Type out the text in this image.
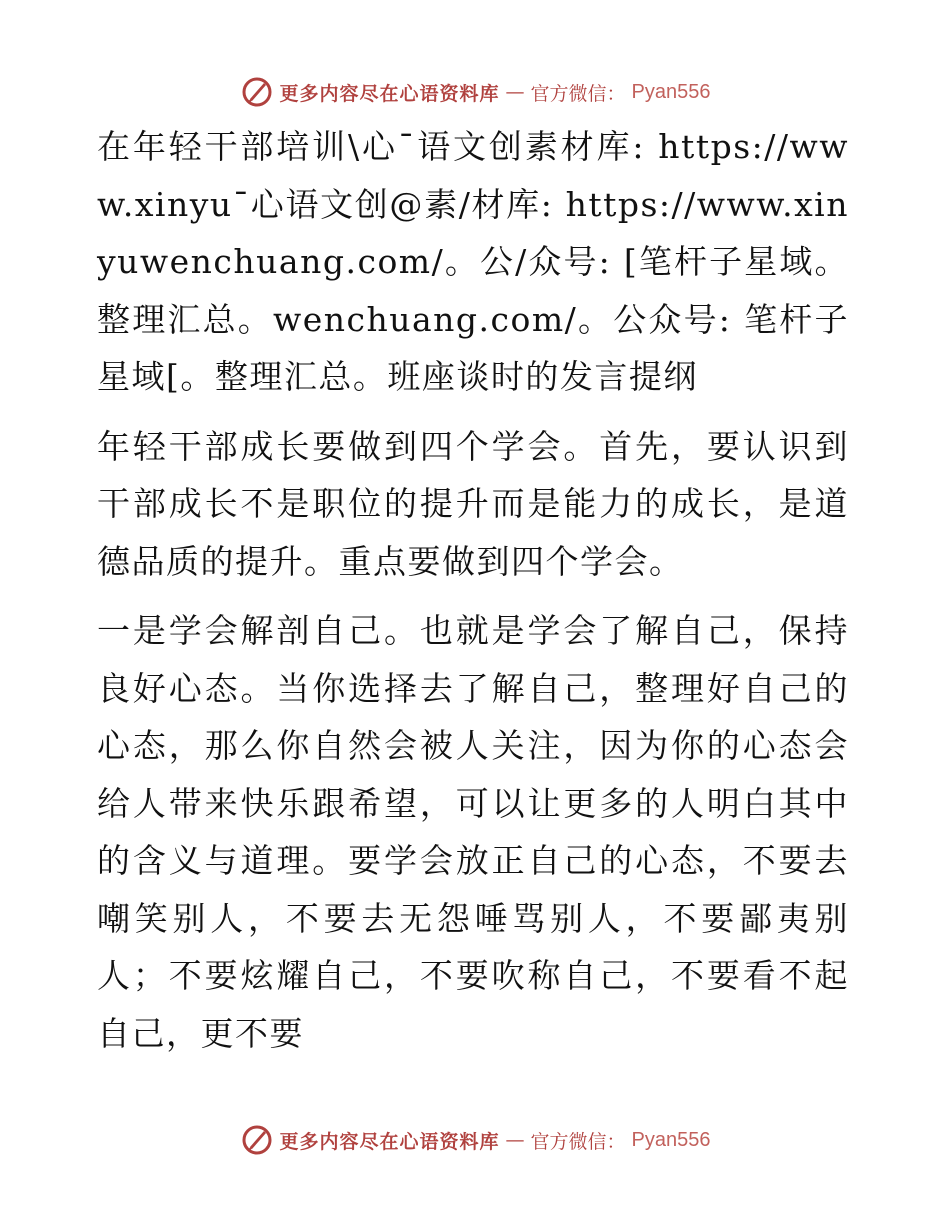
更多内容尽在心语资料库 — 官方微信： Pyan556

在年轻干部培训\心¯语文创素材库: https://www.xinyu¯心语文创@素/材库: https://www.xinyuwenchuang.com/。公/众号: [笔杆子星域。整理汇总。wenchuang.com/。公众号: 笔杆子星域[。整理汇总。班座谈时的发言提纲

年轻干部成长要做到四个学会。首先，要认识到干部成长不是职位的提升而是能力的成长，是道德品质的提升。重点要做到四个学会。

一是学会解剖自己。也就是学会了解自己，保持良好心态。当你选择去了解自己，整理好自己的心态，那么你自然会被人关注，因为你的心态会给人带来快乐跟希望，可以让更多的人明白其中的含义与道理。要学会放正自己的心态，不要去嘲笑别人，不要去无怨唾骂别人，不要鄙夷别人；不要炫耀自己，不要吹称自己，不要看不起自己，更不要

更多内容尽在心语资料库 — 官方微信： Pyan556
